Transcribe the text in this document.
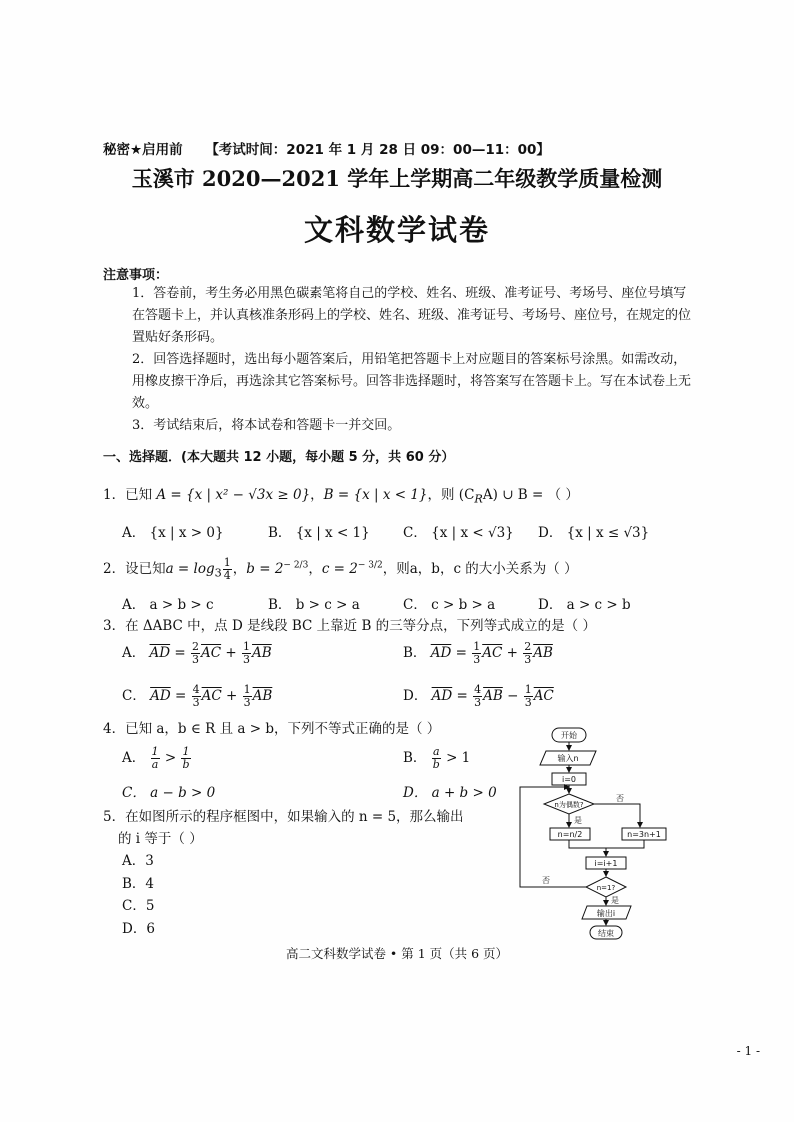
秘密★启用前 【考试时间：2021 年 1 月 28 日 09：00—11：00】
玉溪市 2020—2021 学年上学期高二年级教学质量检测
文科数学试卷
注意事项：
1．答卷前，考生务必用黑色碳素笔将自己的学校、姓名、班级、准考证号、考场号、座位号填写在答题卡上，并认真核准条形码上的学校、姓名、班级、准考证号、考场号、座位号，在规定的位置贴好条形码。
2．回答选择题时，选出每小题答案后，用铅笔把答题卡上对应题目的答案标号涂黑。如需改动，用橡皮擦干净后，再选涂其它答案标号。回答非选择题时，将答案写在答题卡上。写在本试卷上无效。
3．考试结束后，将本试卷和答题卡一并交回。
一、选择题．(本大题共 12 小题，每小题 5 分，共 60 分）
1．已知 A = {x | x² − √3x ≥ 0}，B = {x | x < 1}，则 $(C_RA)$ ∪ B = （ ）
A． {x | x > 0}	B． {x | x < 1} C． {x | x < √3} D． {x | x ≤ √3}
2．设已知$a = \log_3 \frac{1}{4}$ ，$b = 2^{- 2/3}$，$c = 2^{- 3/2}$，则a，b，c 的大小关系为（ ）
A． a > b > c	B． b > c > a	C． c > b > a	D． a > c > b
3．在 ΔABC 中，点 D 是线段 BC 上靠近 B 的三等分点，下列等式成立的是（ ）
A． $\overline{AD} = \frac{2}{3} \overline{AC} + \frac{1}{3} \overline{AB}$	B． $\overline{AD} = \frac{1}{3} \overline{AC} + \frac{2}{3} \overline{AB}$
C． $\overline{AD} = \frac{4}{3} \overline{AC} + \frac{1}{3} \overline{AB}$	D． $\overline{AD} = \frac{4}{3} \overline{AB} - \frac{1}{3} \overline{AC}$
4．已知 a，b ∈ R 且 a > b，下列不等式正确的是（ ）
A． $\frac{1}{a} > \frac{1}{b}$	B． $\frac{a}{b} > 1$
C． a − b > 0	D． a + b > 0
5．在如图所示的程序框图中，如果输入的 n = 5，那么输出
的 i 等于（ ）
A．3
B．4
C．5
D．6
开始
输入n
i=0
n为偶数?
是
否
n=n/2	n=3n+1
i=i+1
n=1?
否
是
输出i
结束
高二文科数学试卷 • 第 1 页（共 6 页）
- 1 -
